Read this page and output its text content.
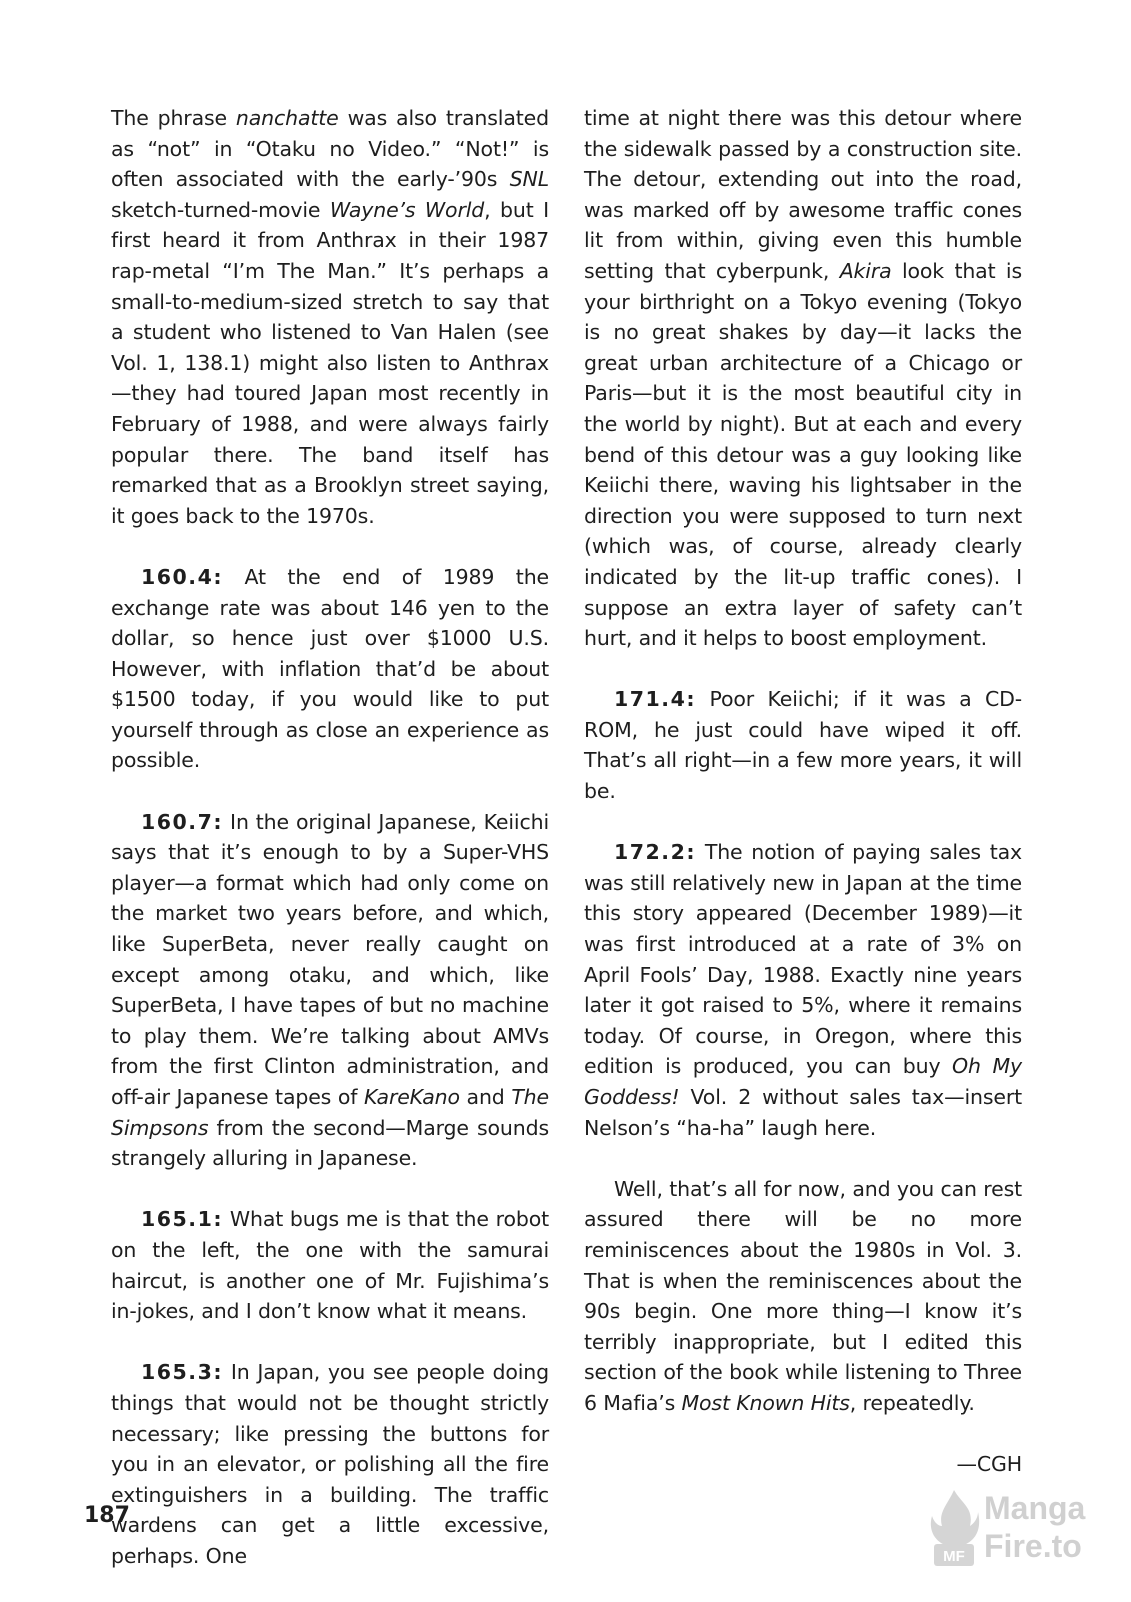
The phrase nanchatte was also translated as “not” in “Otaku no Video.” “Not!” is often associated with the early-’90s SNL sketch-turned-movie Wayne’s World, but I first heard it from Anthrax in their 1987 rap-metal “I’m The Man.” It’s perhaps a small-to-medium-sized stretch to say that a student who listened to Van Halen (see Vol. 1, 138.1) might also listen to Anthrax—they had toured Japan most recently in February of 1988, and were always fairly popular there. The band itself has remarked that as a Brooklyn street saying, it goes back to the 1970s.

160.4: At the end of 1989 the exchange rate was about 146 yen to the dollar, so hence just over $1000 U.S. However, with inflation that’d be about $1500 today, if you would like to put yourself through as close an experience as possible.

160.7: In the original Japanese, Keiichi says that it’s enough to by a Super-VHS player—a format which had only come on the market two years before, and which, like SuperBeta, never really caught on except among otaku, and which, like SuperBeta, I have tapes of but no machine to play them. We’re talking about AMVs from the first Clinton administration, and off-air Japanese tapes of KareKano and The Simpsons from the second—Marge sounds strangely alluring in Japanese.

165.1: What bugs me is that the robot on the left, the one with the samurai haircut, is another one of Mr. Fujishima’s in-jokes, and I don’t know what it means.

165.3: In Japan, you see people doing things that would not be thought strictly necessary; like pressing the buttons for you in an elevator, or polishing all the fire extinguishers in a building. The traffic wardens can get a little excessive, perhaps. One

time at night there was this detour where the sidewalk passed by a construction site. The detour, extending out into the road, was marked off by awesome traffic cones lit from within, giving even this humble setting that cyberpunk, Akira look that is your birthright on a Tokyo evening (Tokyo is no great shakes by day—it lacks the great urban architecture of a Chicago or Paris—but it is the most beautiful city in the world by night). But at each and every bend of this detour was a guy looking like Keiichi there, waving his lightsaber in the direction you were supposed to turn next (which was, of course, already clearly indicated by the lit-up traffic cones). I suppose an extra layer of safety can’t hurt, and it helps to boost employment.

171.4: Poor Keiichi; if it was a CD-ROM, he just could have wiped it off. That’s all right—in a few more years, it will be.

172.2: The notion of paying sales tax was still relatively new in Japan at the time this story appeared (December 1989)—it was first introduced at a rate of 3% on April Fools’ Day, 1988. Exactly nine years later it got raised to 5%, where it remains today. Of course, in Oregon, where this edition is produced, you can buy Oh My Goddess! Vol. 2 without sales tax—insert Nelson’s “ha-ha” laugh here.

Well, that’s all for now, and you can rest assured there will be no more reminiscences about the 1980s in Vol. 3. That is when the reminiscences about the 90s begin. One more thing—I know it’s terribly inappropriate, but I edited this section of the book while listening to Three 6 Mafia’s Most Known Hits, repeatedly.

—CGH

187
MF
Manga
Fire.to
